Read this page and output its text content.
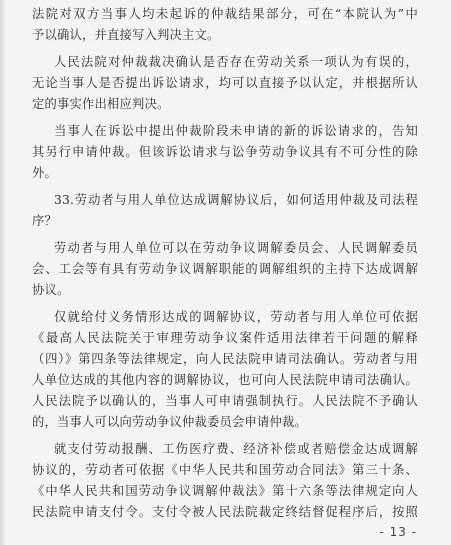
法院对双方当事人均未起诉的仲裁结果部分，可在“本院认为”中
予以确认，并直接写入判决主文。
人民法院对仲裁裁决确认是否存在劳动关系一项认为有误的，
无论当事人是否提出诉讼请求，均可以直接予以认定，并根据所认
定的事实作出相应判决。
当事人在诉讼中提出仲裁阶段未申请的新的诉讼请求的，告知
其另行申请仲裁。但该诉讼请求与讼争劳动争议具有不可分性的除
外。
33.劳动者与用人单位达成调解协议后，如何适用仲裁及司法程
序？
劳动者与用人单位可以在劳动争议调解委员会、人民调解委员
会、工会等有具有劳动争议调解职能的调解组织的主持下达成调解
协议。
仅就给付义务情形达成的调解协议，劳动者与用人单位可依据
《最高人民法院关于审理劳动争议案件适用法律若干问题的解释
（四）》第四条等法律规定，向人民法院申请司法确认。劳动者与用
人单位达成的其他内容的调解协议，也可向人民法院申请司法确认。
人民法院予以确认的，当事人可申请强制执行。人民法院不予确认
的，当事人可以向劳动争议仲裁委员会申请仲裁。
就支付劳动报酬、工伤医疗费、经济补偿或者赔偿金达成调解
协议的，劳动者可依据《中华人民共和国劳动合同法》第三十条、
《中华人民共和国劳动争议调解仲裁法》第十六条等法律规定向人
民法院申请支付令。支付令被人民法院裁定终结督促程序后，按照
- 13 -
